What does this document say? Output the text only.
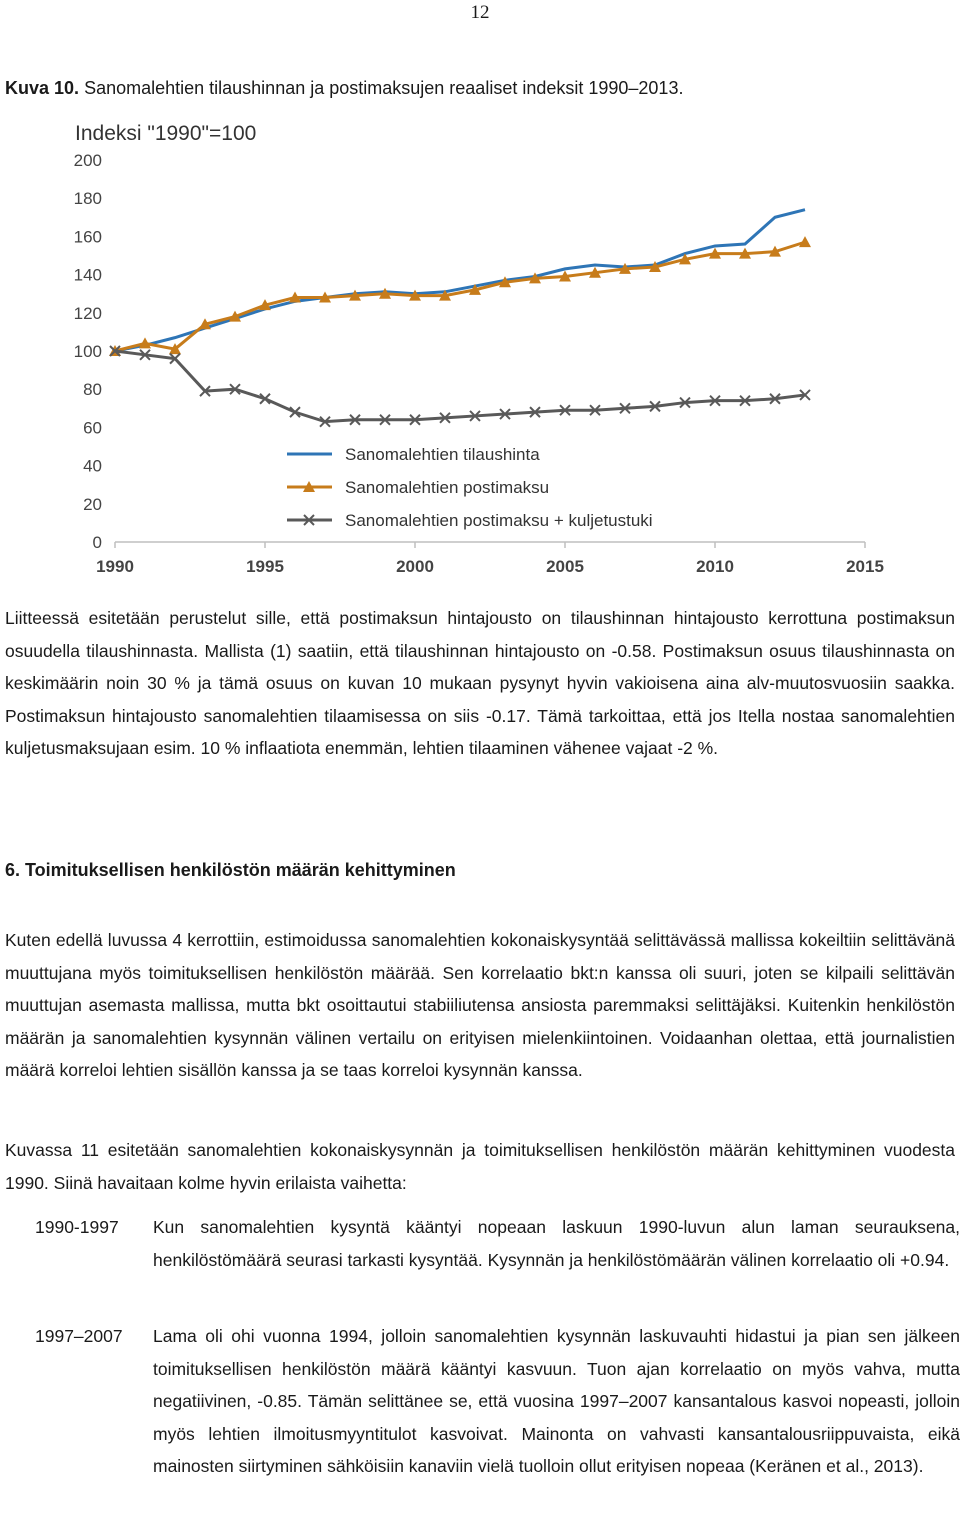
12
Kuva 10. Sanomalehtien tilaushinnan ja postimaksujen reaaliset indeksit 1990–2013.
Indeksi "1990"=100
0
20
40
60
80
100
120
140
160
180
200
1990	1995	2000	2005	2010	2015
Sanomalehtien tilaushinta
Sanomalehtien postimaksu
Sanomalehtien postimaksu + kuljetustuki
Liitteessä esitetään perustelut sille, että postimaksun hintajousto on tilaushinnan hintajousto kerrottuna postimaksun osuudella tilaushinnasta. Mallista (1) saatiin, että tilaushinnan hintajousto on -0.58. Postimaksun osuus tilaushinnasta on keskimäärin noin 30 % ja tämä osuus on kuvan 10 mukaan pysynyt hyvin vakioisena aina alv-muutosvuosiin saakka. Postimaksun hintajousto sanomalehtien tilaamisessa on siis -0.17. Tämä tarkoittaa, että jos Itella nostaa sanomalehtien kuljetusmaksujaan esim. 10 % inflaatiota enemmän, lehtien tilaaminen vähenee vajaat -2 %.
6. Toimituksellisen henkilöstön määrän kehittyminen
Kuten edellä luvussa 4 kerrottiin, estimoidussa sanomalehtien kokonaiskysyntää selittävässä mallissa kokeiltiin selittävänä muuttujana myös toimituksellisen henkilöstön määrää. Sen korrelaatio bkt:n kanssa oli suuri, joten se kilpaili selittävän muuttujan asemasta mallissa, mutta bkt osoittautui stabiiliutensa ansiosta paremmaksi selittäjäksi. Kuitenkin henkilöstön määrän ja sanomalehtien kysynnän välinen vertailu on erityisen mielenkiintoinen. Voidaanhan olettaa, että journalistien määrä korreloi lehtien sisällön kanssa ja se taas korreloi kysynnän kanssa.
Kuvassa 11 esitetään sanomalehtien kokonaiskysynnän ja toimituksellisen henkilöstön määrän kehittyminen vuodesta 1990. Siinä havaitaan kolme hyvin erilaista vaihetta:
1990-1997	Kun sanomalehtien kysyntä kääntyi nopeaan laskuun 1990-luvun alun laman seurauksena, henkilöstömäärä seurasi tarkasti kysyntää. Kysynnän ja henkilöstömäärän välinen korrelaatio oli +0.94.
1997–2007	Lama oli ohi vuonna 1994, jolloin sanomalehtien kysynnän laskuvauhti hidastui ja pian sen jälkeen toimituksellisen henkilöstön määrä kääntyi kasvuun. Tuon ajan korrelaatio on myös vahva, mutta negatiivinen, -0.85. Tämän selittänee se, että vuosina 1997–2007 kansantalous kasvoi nopeasti, jolloin myös lehtien ilmoitusmyyntitulot kasvoivat. Mainonta on vahvasti kansantalousriippuvaista, eikä mainosten siirtyminen sähköisiin kanaviin vielä tuolloin ollut erityisen nopeaa (Keränen et al., 2013).
